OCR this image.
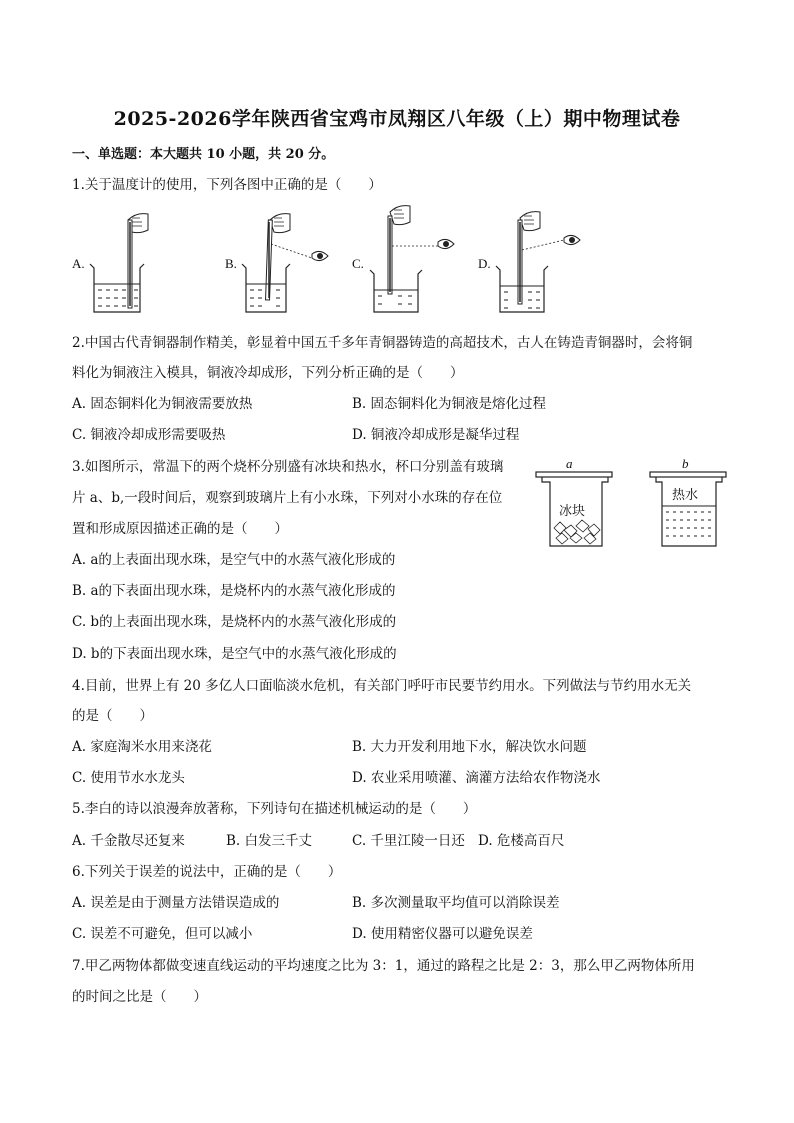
2025-2026学年陕西省宝鸡市凤翔区八年级（上）期中物理试卷
一、单选题：本大题共 10 小题，共 20 分。
1.关于温度计的使用，下列各图中正确的是（　　）
A.	B.	C.	D.
2.中国古代青铜器制作精美，彰显着中国五千多年青铜器铸造的高超技术，古人在铸造青铜器时，会将铜
料化为铜液注入模具，铜液冷却成形，下列分析正确的是（　　）
A. 固态铜料化为铜液需要放热	B. 固态铜料化为铜液是熔化过程
C. 铜液冷却成形需要吸热	D. 铜液冷却成形是凝华过程
3.如图所示，常温下的两个烧杯分别盛有冰块和热水，杯口分别盖有玻璃
片 a、b,一段时间后，观察到玻璃片上有小水珠，下列对小水珠的存在位
置和形成原因描述正确的是（　　）
A. a的上表面出现水珠，是空气中的水蒸气液化形成的
B. a的下表面出现水珠，是烧杯内的水蒸气液化形成的
C. b的上表面出现水珠，是烧杯内的水蒸气液化形成的
D. b的下表面出现水珠，是空气中的水蒸气液化形成的
a	b
冰块
热水
4.目前，世界上有 20 多亿人口面临淡水危机，有关部门呼吁市民要节约用水。下列做法与节约用水无关
的是（　　）
A. 家庭淘米水用来浇花	B. 大力开发利用地下水，解决饮水问题
C. 使用节水水龙头	D. 农业采用喷灌、滴灌方法给农作物浇水
5.李白的诗以浪漫奔放著称，下列诗句在描述机械运动的是（　　）
A. 千金散尽还复来	B. 白发三千丈	C. 千里江陵一日还 D. 危楼高百尺
6.下列关于误差的说法中，正确的是（　　）
A. 误差是由于测量方法错误造成的	B. 多次测量取平均值可以消除误差
C. 误差不可避免，但可以减小	D. 使用精密仪器可以避免误差
7.甲乙两物体都做变速直线运动的平均速度之比为 3：1，通过的路程之比是 2：3，那么甲乙两物体所用
的时间之比是（　　）
